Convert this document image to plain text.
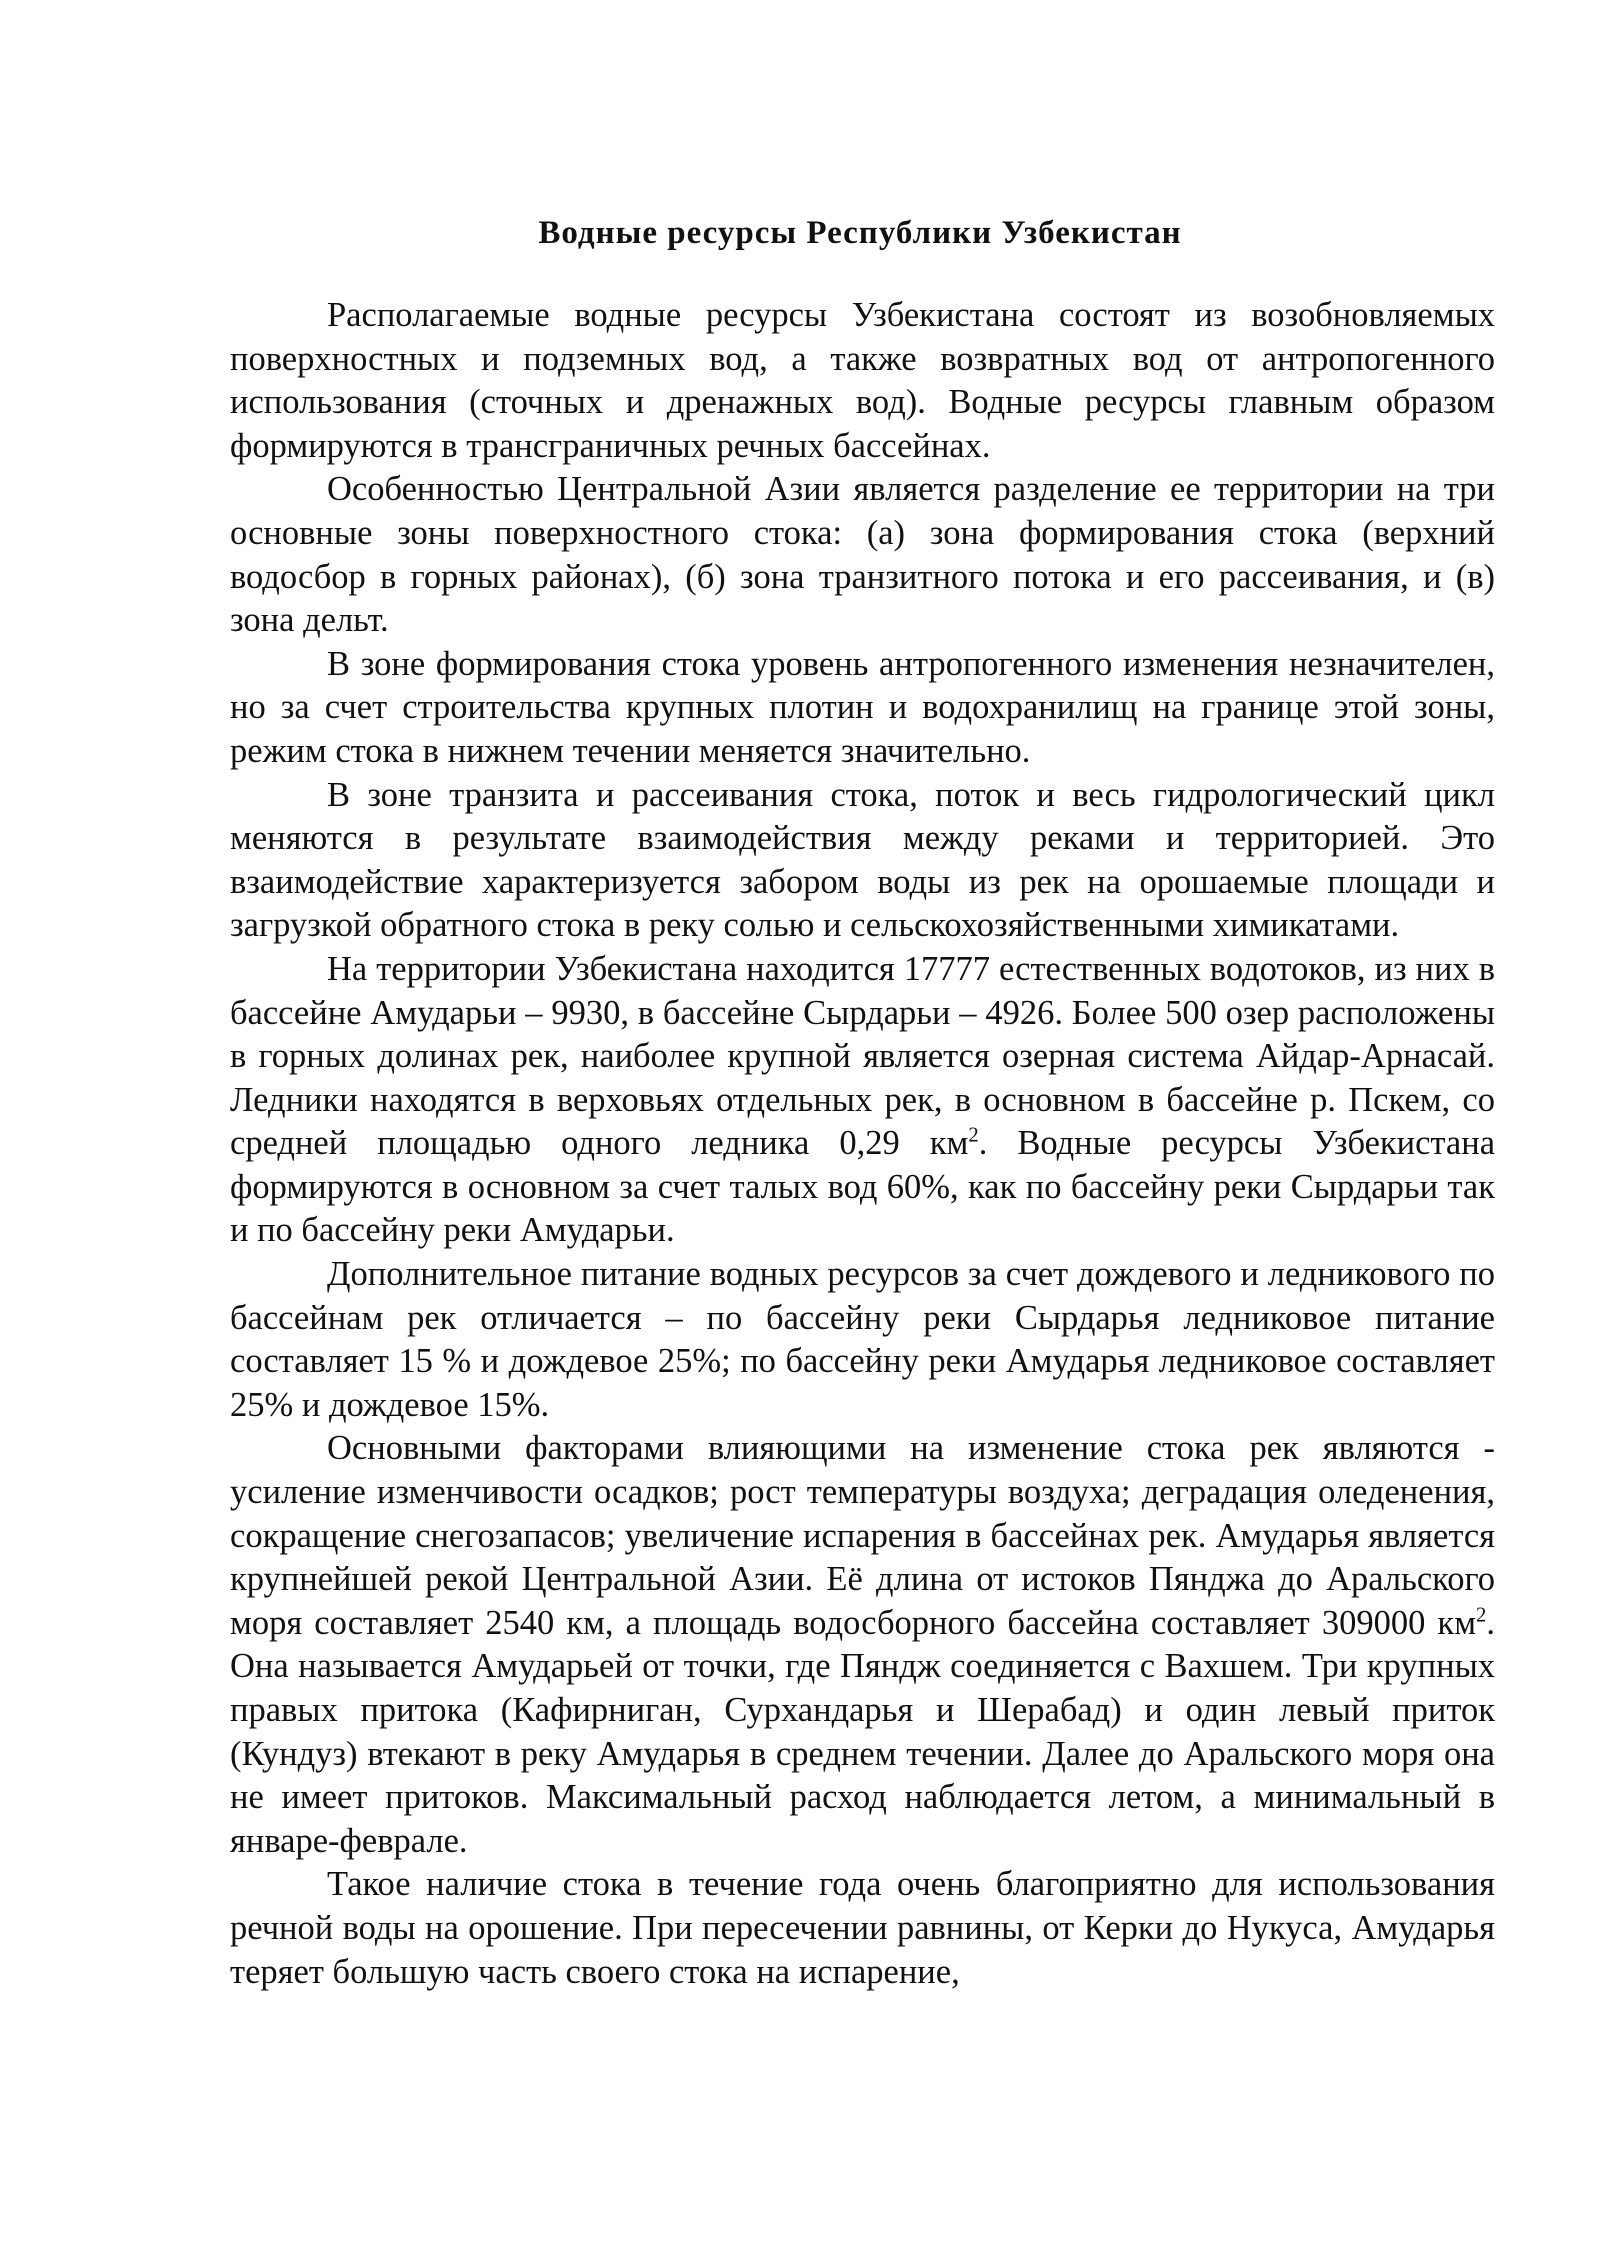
Водные ресурсы Республики Узбекистан

Располагаемые водные ресурсы Узбекистана состоят из возобновляемых поверхностных и подземных вод, а также возвратных вод от антропогенного использования (сточных и дренажных вод). Водные ресурсы главным образом формируются в трансграничных речных бассейнах.

Особенностью Центральной Азии является разделение ее территории на три основные зоны поверхностного стока: (а) зона формирования стока (верхний водосбор в горных районах), (б) зона транзитного потока и его рассеивания, и (в) зона дельт.

В зоне формирования стока уровень антропогенного изменения незначителен, но за счет строительства крупных плотин и водохранилищ на границе этой зоны, режим стока в нижнем течении меняется значительно.

В зоне транзита и рассеивания стока, поток и весь гидрологический цикл меняются в результате взаимодействия между реками и территорией. Это взаимодействие характеризуется забором воды из рек на орошаемые площади и загрузкой обратного стока в реку солью и сельскохозяйственными химикатами.

На территории Узбекистана находится 17777 естественных водотоков, из них в бассейне Амударьи – 9930, в бассейне Сырдарьи – 4926. Более 500 озер расположены в горных долинах рек, наиболее крупной является озерная система Айдар-Арнасай. Ледники находятся в верховьях отдельных рек, в основном в бассейне р. Пскем, со средней площадью одного ледника 0,29 $км^2$. Водные ресурсы Узбекистана формируются в основном за счет талых вод 60%, как по бассейну реки Сырдарьи так и по бассейну реки Амударьи.

Дополнительное питание водных ресурсов за счет дождевого и ледникового по бассейнам рек отличается – по бассейну реки Сырдарья ледниковое питание составляет 15 % и дождевое 25%; по бассейну реки Амударья ледниковое составляет 25% и дождевое 15%.

Основными факторами влияющими на изменение стока рек являются - усиление изменчивости осадков; рост температуры воздуха; деградация оледенения, сокращение снегозапасов; увеличение испарения в бассейнах рек. Амударья является крупнейшей рекой Центральной Азии. Её длина от истоков Пянджа до Аральского моря составляет 2540 км, а площадь водосборного бассейна составляет 309000 $км^2$. Она называется Амударьей от точки, где Пяндж соединяется с Вахшем. Три крупных правых притока (Кафирниган, Сурхандарья и Шерабад) и один левый приток (Кундуз) втекают в реку Амударья в среднем течении. Далее до Аральского моря она не имеет притоков. Максимальный расход наблюдается летом, а минимальный в январе-феврале.

Такое наличие стока в течение года очень благоприятно для использования речной воды на орошение. При пересечении равнины, от Керки до Нукуса, Амударья теряет большую часть своего стока на испарение,
